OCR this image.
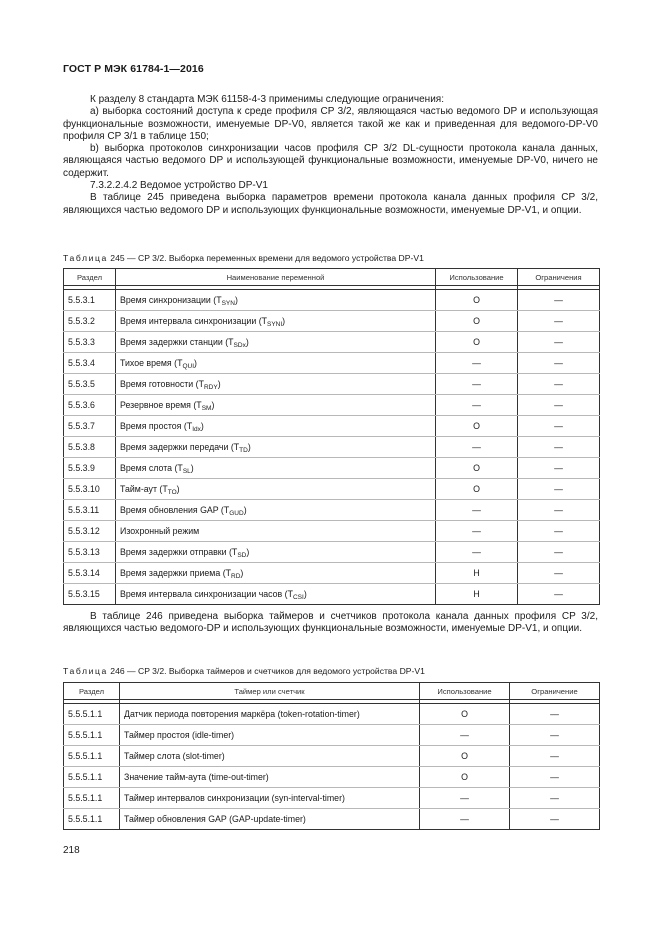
ГОСТ Р МЭК 61784-1—2016

К разделу 8 стандарта МЭК 61158-4-3 применимы следующие ограничения:

а) выборка состояний доступа к среде профиля CP 3/2, являющаяся частью ведомого DP и использующая функциональные возможности, именуемые DP-V0, является такой же как и приведенная для ведомого-DP-V0 профиля CP 3/1 в таблице 150;

b) выборка протоколов синхронизации часов профиля CP 3/2 DL-сущности протокола канала данных, являющаяся частью ведомого DP и использующей функциональные возможности, именуемые DP-V0, ничего не содержит.

7.3.2.2.4.2 Ведомое устройство DP-V1

В таблице 245 приведена выборка параметров времени протокола канала данных профиля CP 3/2, являющихся частью ведомого DP и использующих функциональные возможности, именуемые DP-V1, и опции.

Таблица 245 — CP 3/2. Выборка переменных времени для ведомого устройства DP-V1
Раздел	Наименование переменной	Использование	Ограничения

5.5.3.1	Время синхронизации $(T_{SYN})$	O	—
5.5.3.2	Время интервала синхронизации $(T_{SYNI})$	O	—
5.5.3.3	Время задержки станции $(T_{SDx})$	O	—
5.5.3.4	Тихое время $(T_{QUI})$	—	—
5.5.3.5	Время готовности $(T_{RDY})$	—	—
5.5.3.6	Резервное время $(T_{SM})$	—	—
5.5.3.7	Время простоя $(T_{Idx})$	O	—
5.5.3.8	Время задержки передачи $(T_{TD})$	—	—
5.5.3.9	Время слота $(T_{SL})$	O	—
5.5.3.10	Тайм-аут $(T_{TO})$	O	—
5.5.3.11	Время обновления GAP $(T_{GUD})$	—	—
5.5.3.12	Изохронный режим	—	—
5.5.3.13	Время задержки отправки $(T_{SD})$	—	—
5.5.3.14	Время задержки приема $(T_{RD})$	Н	—
5.5.3.15	Время интервала синхронизации часов $(T_{CSI})$	Н	—

В таблице 246 приведена выборка таймеров и счетчиков протокола канала данных профиля CP 3/2, являющихся частью ведомого-DP и использующих функциональные возможности, именуемые DP-V1, и опции.

Таблица 246 — CP 3/2. Выборка таймеров и счетчиков для ведомого устройства DP-V1
Раздел	Таймер или счетчик	Использование	Ограничение

5.5.5.1.1	Датчик периода повторения маркёра (token-rotation-timer)	O	—
5.5.5.1.1	Таймер простоя (idle-timer)	—	—
5.5.5.1.1	Таймер слота (slot-timer)	O	—
5.5.5.1.1	Значение тайм-аута (time-out-timer)	O	—
5.5.5.1.1	Таймер интервалов синхронизации (syn-interval-timer)	—	—
5.5.5.1.1	Таймер обновления GAP (GAP-update-timer)	—	—
218
